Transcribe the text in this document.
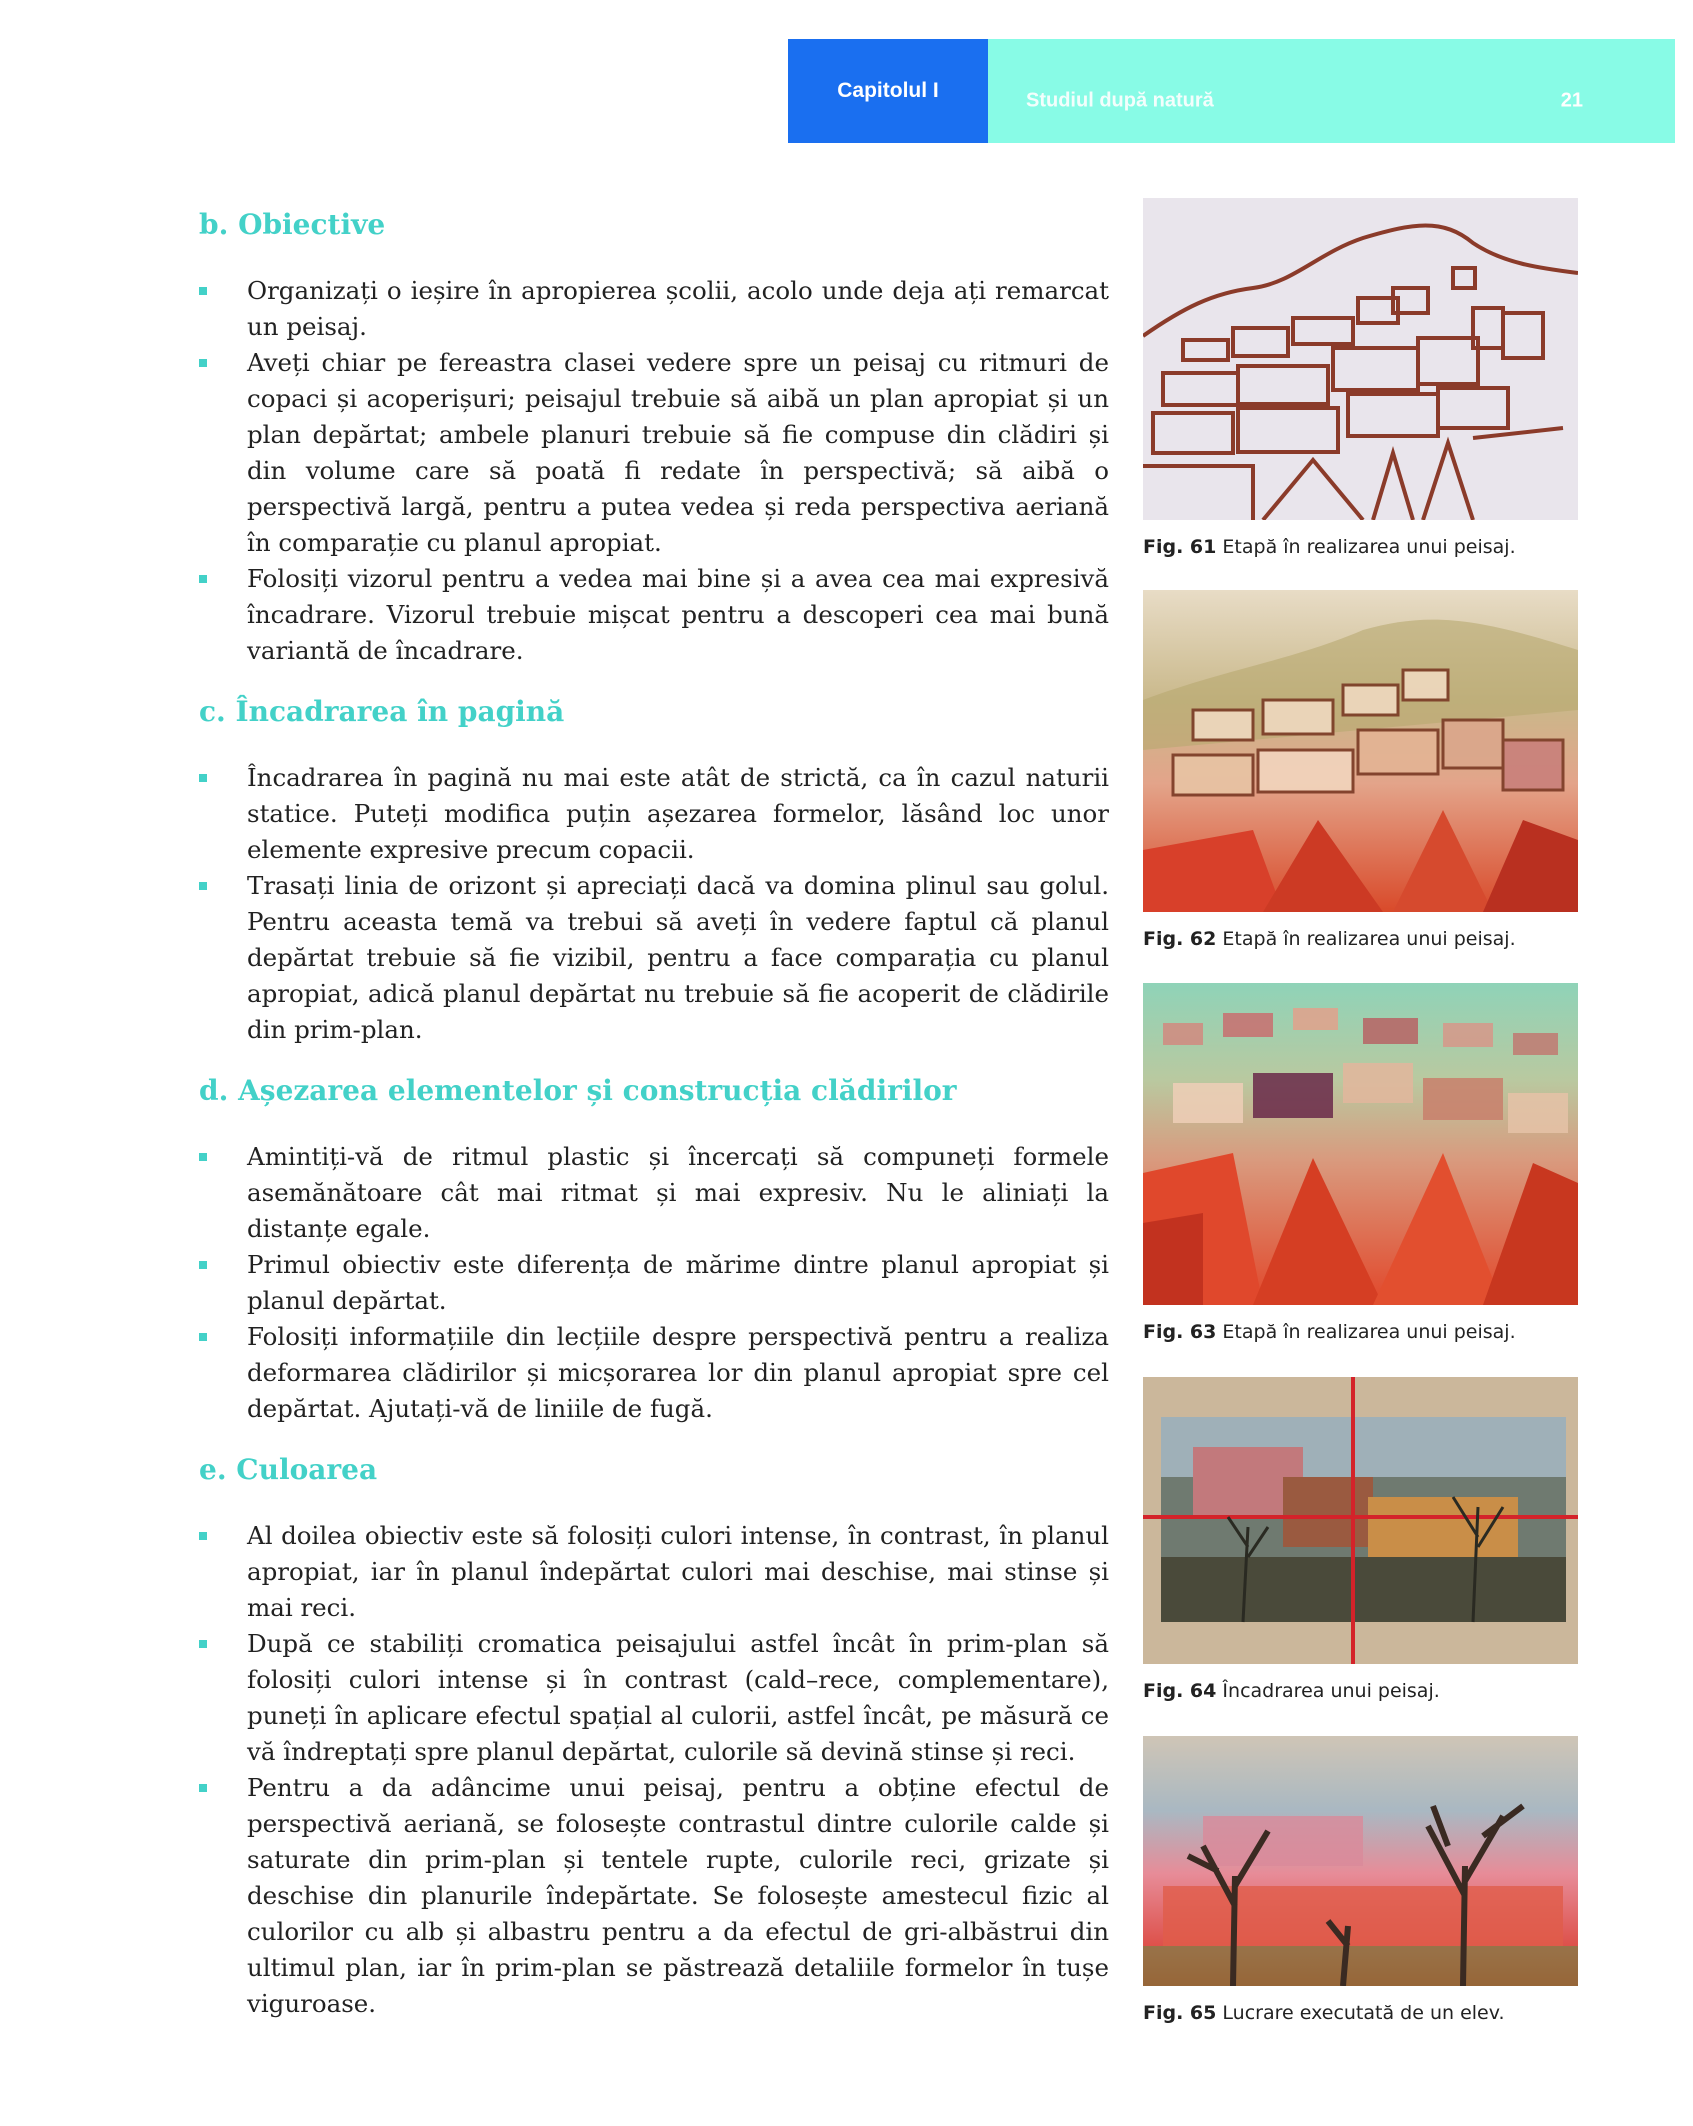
Capitolul I	Studiul după natură	21
b. Obiective
Organizați o ieșire în apropierea școlii, acolo unde deja ați remarcat un peisaj.
Aveți chiar pe fereastra clasei vedere spre un peisaj cu ritmuri de copaci și acoperișuri; peisajul trebuie să aibă un plan apropiat și un plan depărtat; ambele planuri trebuie să fie compuse din clădiri și din volume care să poată fi redate în perspectivă; să aibă o perspectivă largă, pentru a putea vedea și reda perspectiva aeriană în comparație cu planul apropiat.
Folosiți vizorul pentru a vedea mai bine și a avea cea mai expresivă încadrare. Vizorul trebuie mișcat pentru a descoperi cea mai bună variantă de încadrare.
c. Încadrarea în pagină
Încadrarea în pagină nu mai este atât de strictă, ca în cazul naturii statice. Puteți modifica puțin așezarea formelor, lăsând loc unor elemente expresive precum copacii.
Trasați linia de orizont și apreciați dacă va domina plinul sau golul. Pentru aceasta temă va trebui să aveți în vedere faptul că planul depărtat trebuie să fie vizibil, pentru a face comparația cu planul apropiat, adică planul depărtat nu trebuie să fie acoperit de clădirile din prim-plan.
d. Așezarea elementelor și construcția clădirilor
Amintiți-vă de ritmul plastic și încercați să compuneți formele asemănătoare cât mai ritmat și mai expresiv. Nu le aliniați la distanțe egale.
Primul obiectiv este diferența de mărime dintre planul apropiat și planul depărtat.
Folosiți informațiile din lecțiile despre perspectivă pentru a realiza deformarea clădirilor și micșorarea lor din planul apropiat spre cel depărtat. Ajutați-vă de liniile de fugă.
e. Culoarea
Al doilea obiectiv este să folosiți culori intense, în contrast, în planul apropiat, iar în planul îndepărtat culori mai deschise, mai stinse și mai reci.
După ce stabiliți cromatica peisajului astfel încât în prim-plan să folosiți culori intense și în contrast (cald–rece, complementare), puneți în aplicare efectul spațial al culorii, astfel încât, pe măsură ce vă îndreptați spre planul depărtat, culorile să devină stinse și reci.
Pentru a da adâncime unui peisaj, pentru a obține efectul de perspectivă aeriană, se folosește contrastul dintre culorile calde și saturate din prim-plan și tentele rupte, culorile reci, grizate și deschise din planurile îndepărtate. Se folosește amestecul fizic al culorilor cu alb și albastru pentru a da efectul de gri-albăstrui din ultimul plan, iar în prim-plan se păstrează detaliile formelor în tușe viguroase.
Fig. 61 Etapă în realizarea unui peisaj.
Fig. 62 Etapă în realizarea unui peisaj.
Fig. 63 Etapă în realizarea unui peisaj.
Fig. 64 Încadrarea unui peisaj.
Fig. 65 Lucrare executată de un elev.
